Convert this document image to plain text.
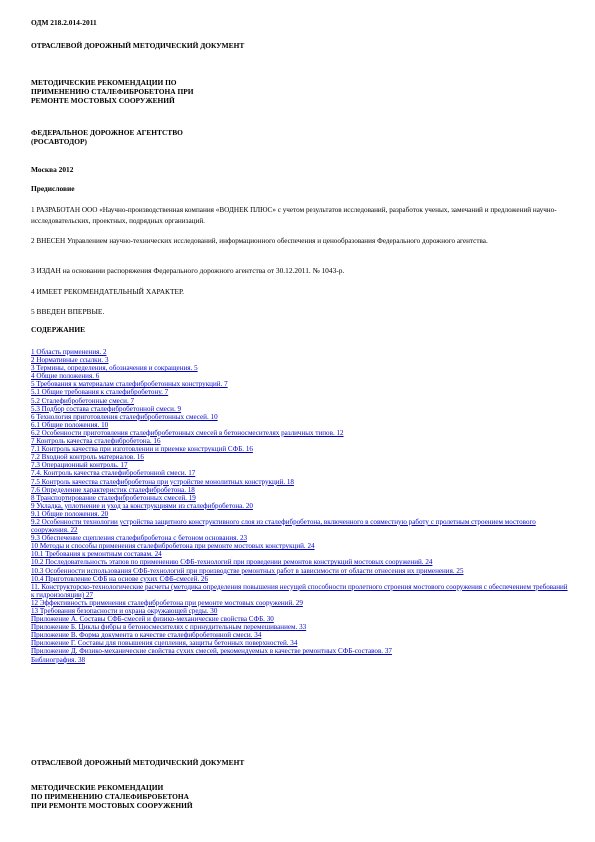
ОДМ 218.2.014-2011
ОТРАСЛЕВОЙ ДОРОЖНЫЙ МЕТОДИЧЕСКИЙ ДОКУМЕНТ
МЕТОДИЧЕСКИЕ РЕКОМЕНДАЦИИ ПО
ПРИМЕНЕНИЮ СТАЛЕФИБРОБЕТОНА ПРИ
РЕМОНТЕ МОСТОВЫХ СООРУЖЕНИЙ
ФЕДЕРАЛЬНОЕ ДОРОЖНОЕ АГЕНТСТВО
(РОСАВТОДОР)
Москва 2012
Предисловие
1 РАЗРАБОТАН ООО «Научно-производственная компания «ВОДНЕК ПЛЮС» с учетом результатов исследований, разработок ученых, замечаний и предложений научно-исследовательских, проектных, подрядных организаций.
2 ВНЕСЕН Управлением научно-технических исследований, информационного обеспечения и ценообразования Федерального дорожного агентства.
3 ИЗДАН на основании распоряжения Федерального дорожного агентства от 30.12.2011. № 1043-р.
4 ИМЕЕТ РЕКОМЕНДАТЕЛЬНЫЙ ХАРАКТЕР.
5 ВВЕДЕН ВПЕРВЫЕ.
СОДЕРЖАНИЕ
1 Область применения. 2
2 Нормативные ссылки. 3
3 Термины, определения, обозначения и сокращения. 5
4 Общие положения. 6
5 Требования к материалам сталефибробетонных конструкций. 7
5.1 Общие требования к сталефибробетону. 7
5.2 Сталефибробетонные смеси. 7
5.3 Подбор состава сталефибробетонной смеси. 9
6 Технология приготовления сталефибробетонных смесей. 10
6.1 Общие положения. 10
6.2 Особенности приготовления сталефибробетонных смесей в бетоносмесителях различных типов. 12
7 Контроль качества сталефибробетона. 16
7.1 Контроль качества при изготовлении и приемке конструкций СФБ. 16
7.2 Входной контроль материалов. 16
7.3 Операционный контроль. 17
7.4. Контроль качества сталефибробетонной смеси. 17
7.5 Контроль качества сталефибробетона при устройстве монолитных конструкций. 18
7.6 Определение характеристик сталефибробетона. 18
8 Транспортирование сталефибробетонных смесей. 19
9 Укладка, уплотнение и уход за конструкциями из сталефибробетона. 20
9.1 Общие положения. 20
9.2 Особенности технологии устройства защитного конструктивного слоя из сталефибробетона, включенного в совместную работу с пролетным строением мостового сооружения. 22
9.3 Обеспечение сцепления сталефибробетона с бетоном основания. 23
10 Методы и способы применения сталефибробетона при ремонте мостовых конструкций. 24
10.1 Требования к ремонтным составам. 24
10.2 Последовательность этапов по применению СФБ-технологий при проведении ремонтов конструкций мостовых сооружений. 24
10.3 Особенности использования СФБ-технологий при производстве ремонтных работ в зависимости от области отнесения их применения. 25
10.4 Приготовление СФБ на основе сухих СФБ-смесей. 26
11. Конструкторско-технологические расчеты (методика определения повышения несущей способности пролетного строения мостового сооружения с обеспечением требований к гидроизоляции) 27
12 Эффективность применения сталефибробетона при ремонте мостовых сооружений. 29
13 Требования безопасности и охрана окружающей среды. 30
Приложение А. Составы СФБ-смесей и физико-механические свойства СФБ. 30
Приложение Б. Циклы фибры в бетоносмесителях с принудительным перемешиванием. 33
Приложение В. Форма документа о качестве сталефибробетонной смеси. 34
Приложение Г. Составы для повышения сцепления, защиты бетонных поверхностей. 34
Приложение Д. Физико-механические свойства сухих смесей, рекомендуемых в качестве ремонтных СФБ-составов. 37
Библиография. 38
ОТРАСЛЕВОЙ ДОРОЖНЫЙ МЕТОДИЧЕСКИЙ ДОКУМЕНТ
МЕТОДИЧЕСКИЕ РЕКОМЕНДАЦИИ
ПО ПРИМЕНЕНИЮ СТАЛЕФИБРОБЕТОНА
ПРИ РЕМОНТЕ МОСТОВЫХ СООРУЖЕНИЙ
